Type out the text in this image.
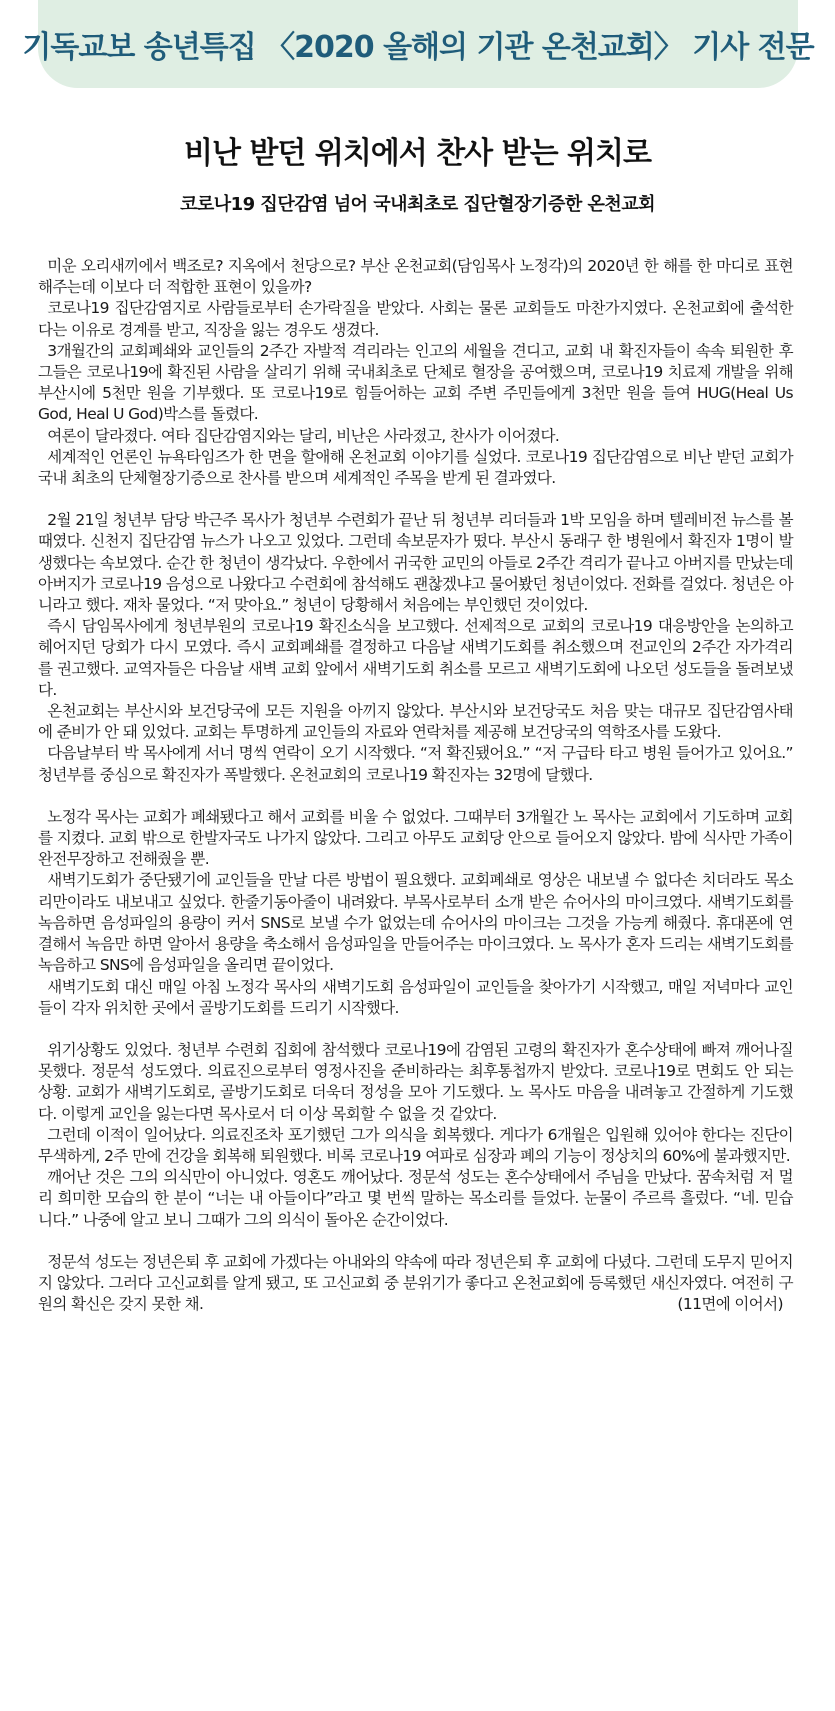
기독교보 송년특집 〈2020 올해의 기관 온천교회〉 기사 전문
비난 받던 위치에서 찬사 받는 위치로
코로나19 집단감염 넘어 국내최초로 집단혈장기증한 온천교회
미운 오리새끼에서 백조로? 지옥에서 천당으로? 부산 온천교회(담임목사 노정각)의 2020년 한 해를 한 마디로 표현해주는데 이보다 더 적합한 표현이 있을까?
코로나19 집단감염지로 사람들로부터 손가락질을 받았다. 사회는 물론 교회들도 마찬가지였다. 온천교회에 출석한다는 이유로 경계를 받고, 직장을 잃는 경우도 생겼다.
3개월간의 교회폐쇄와 교인들의 2주간 자발적 격리라는 인고의 세월을 견디고, 교회 내 확진자들이 속속 퇴원한 후 그들은 코로나19에 확진된 사람을 살리기 위해 국내최초로 단체로 혈장을 공여했으며, 코로나19 치료제 개발을 위해 부산시에 5천만 원을 기부했다. 또 코로나19로 힘들어하는 교회 주변 주민들에게 3천만 원을 들여 HUG(Heal Us God, Heal U God)박스를 돌렸다.
여론이 달라졌다. 여타 집단감염지와는 달리, 비난은 사라졌고, 찬사가 이어졌다.
세계적인 언론인 뉴욕타임즈가 한 면을 할애해 온천교회 이야기를 실었다. 코로나19 집단감염으로 비난 받던 교회가 국내 최초의 단체혈장기증으로 찬사를 받으며 세계적인 주목을 받게 된 결과였다.
2월 21일 청년부 담당 박근주 목사가 청년부 수련회가 끝난 뒤 청년부 리더들과 1박 모임을 하며 텔레비전 뉴스를 볼 때였다. 신천지 집단감염 뉴스가 나오고 있었다. 그런데 속보문자가 떴다. 부산시 동래구 한 병원에서 확진자 1명이 발생했다는 속보였다. 순간 한 청년이 생각났다. 우한에서 귀국한 교민의 아들로 2주간 격리가 끝나고 아버지를 만났는데 아버지가 코로나19 음성으로 나왔다고 수련회에 참석해도 괜찮겠냐고 물어봤던 청년이었다. 전화를 걸었다. 청년은 아니라고 했다. 재차 물었다. “저 맞아요.” 청년이 당황해서 처음에는 부인했던 것이었다.
즉시 담임목사에게 청년부원의 코로나19 확진소식을 보고했다. 선제적으로 교회의 코로나19 대응방안을 논의하고 헤어지던 당회가 다시 모였다. 즉시 교회폐쇄를 결정하고 다음날 새벽기도회를 취소했으며 전교인의 2주간 자가격리를 권고했다. 교역자들은 다음날 새벽 교회 앞에서 새벽기도회 취소를 모르고 새벽기도회에 나오던 성도들을 돌려보냈다.
온천교회는 부산시와 보건당국에 모든 지원을 아끼지 않았다. 부산시와 보건당국도 처음 맞는 대규모 집단감염사태에 준비가 안 돼 있었다. 교회는 투명하게 교인들의 자료와 연락처를 제공해 보건당국의 역학조사를 도왔다.
다음날부터 박 목사에게 서너 명씩 연락이 오기 시작했다. “저 확진됐어요.” “저 구급타 타고 병원 들어가고 있어요.” 청년부를 중심으로 확진자가 폭발했다. 온천교회의 코로나19 확진자는 32명에 달했다.
노정각 목사는 교회가 폐쇄됐다고 해서 교회를 비울 수 없었다. 그때부터 3개월간 노 목사는 교회에서 기도하며 교회를 지켰다. 교회 밖으로 한발자국도 나가지 않았다. 그리고 아무도 교회당 안으로 들어오지 않았다. 밤에 식사만 가족이 완전무장하고 전해줬을 뿐.
새벽기도회가 중단됐기에 교인들을 만날 다른 방법이 필요했다. 교회폐쇄로 영상은 내보낼 수 없다손 치더라도 목소리만이라도 내보내고 싶었다. 한줄기동아줄이 내려왔다. 부목사로부터 소개 받은 슈어사의 마이크였다. 새벽기도회를 녹음하면 음성파일의 용량이 커서 SNS로 보낼 수가 없었는데 슈어사의 마이크는 그것을 가능케 해줬다. 휴대폰에 연결해서 녹음만 하면 알아서 용량을 축소해서 음성파일을 만들어주는 마이크였다. 노 목사가 혼자 드리는 새벽기도회를 녹음하고 SNS에 음성파일을 올리면 끝이었다.
새벽기도회 대신 매일 아침 노정각 목사의 새벽기도회 음성파일이 교인들을 찾아가기 시작했고, 매일 저녁마다 교인들이 각자 위치한 곳에서 골방기도회를 드리기 시작했다.
위기상황도 있었다. 청년부 수련회 집회에 참석했다 코로나19에 감염된 고령의 확진자가 혼수상태에 빠져 깨어나질 못했다. 정문석 성도였다. 의료진으로부터 영정사진을 준비하라는 최후통첩까지 받았다. 코로나19로 면회도 안 되는 상황. 교회가 새벽기도회로, 골방기도회로 더욱더 정성을 모아 기도했다. 노 목사도 마음을 내려놓고 간절하게 기도했다. 이렇게 교인을 잃는다면 목사로서 더 이상 목회할 수 없을 것 같았다.
그런데 이적이 일어났다. 의료진조차 포기했던 그가 의식을 회복했다. 게다가 6개월은 입원해 있어야 한다는 진단이 무색하게, 2주 만에 건강을 회복해 퇴원했다. 비록 코로나19 여파로 심장과 폐의 기능이 정상치의 60%에 불과했지만.
깨어난 것은 그의 의식만이 아니었다. 영혼도 깨어났다. 정문석 성도는 혼수상태에서 주님을 만났다. 꿈속처럼 저 멀리 희미한 모습의 한 분이 “너는 내 아들이다”라고 몇 번씩 말하는 목소리를 들었다. 눈물이 주르륵 흘렀다. “네. 믿습니다.” 나중에 알고 보니 그때가 그의 의식이 돌아온 순간이었다.
정문석 성도는 정년은퇴 후 교회에 가겠다는 아내와의 약속에 따라 정년은퇴 후 교회에 다녔다. 그런데 도무지 믿어지지 않았다. 그러다 고신교회를 알게 됐고, 또 고신교회 중 분위기가 좋다고 온천교회에 등록했던 새신자였다. 여전히 구원의 확신은 갖지 못한 채.	(11면에 이어서)
